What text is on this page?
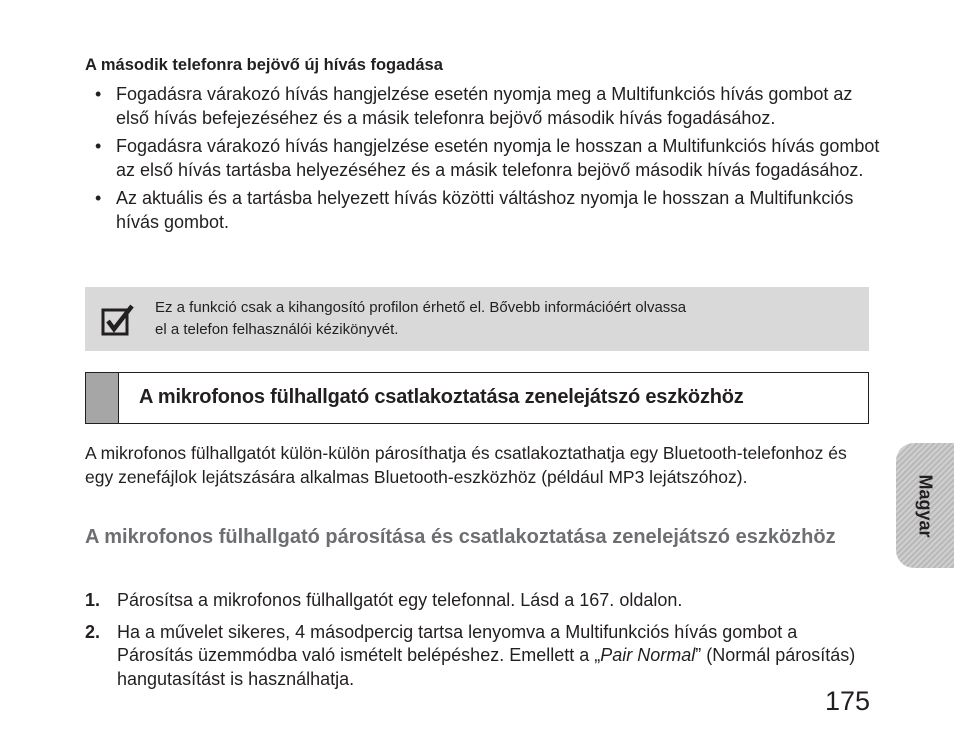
A második telefonra bejövő új hívás fogadása
• Fogadásra várakozó hívás hangjelzése esetén nyomja meg a Multifunkciós hívás gombot az első hívás befejezéséhez és a másik telefonra bejövő második hívás fogadásához.
• Fogadásra várakozó hívás hangjelzése esetén nyomja le hosszan a Multifunkciós hívás gombot az első hívás tartásba helyezéséhez és a másik telefonra bejövő második hívás fogadásához.
• Az aktuális és a tartásba helyezett hívás közötti váltáshoz nyomja le hosszan a Multifunkciós hívás gombot.
Ez a funkció csak a kihangosító profilon érhető el. Bővebb információért olvassa
el a telefon felhasználói kézikönyvét.
A mikrofonos fülhallgató csatlakoztatása zenelejátszó eszközhöz
A mikrofonos fülhallgatót külön-külön párosíthatja és csatlakoztathatja egy Bluetooth-telefonhoz és egy zenefájlok lejátszására alkalmas Bluetooth-eszközhöz (például MP3 lejátszóhoz).
A mikrofonos fülhallgató párosítása és csatlakoztatása zenelejátszó eszközhöz
1. Párosítsa a mikrofonos fülhallgatót egy telefonnal. Lásd a 167. oldalon.
2. Ha a művelet sikeres, 4 másodpercig tartsa lenyomva a Multifunkciós hívás gombot a Párosítás üzemmódba való ismételt belépéshez. Emellett a „Pair Normal” (Normál párosítás) hangutasítást is használhatja.
Magyar
175
